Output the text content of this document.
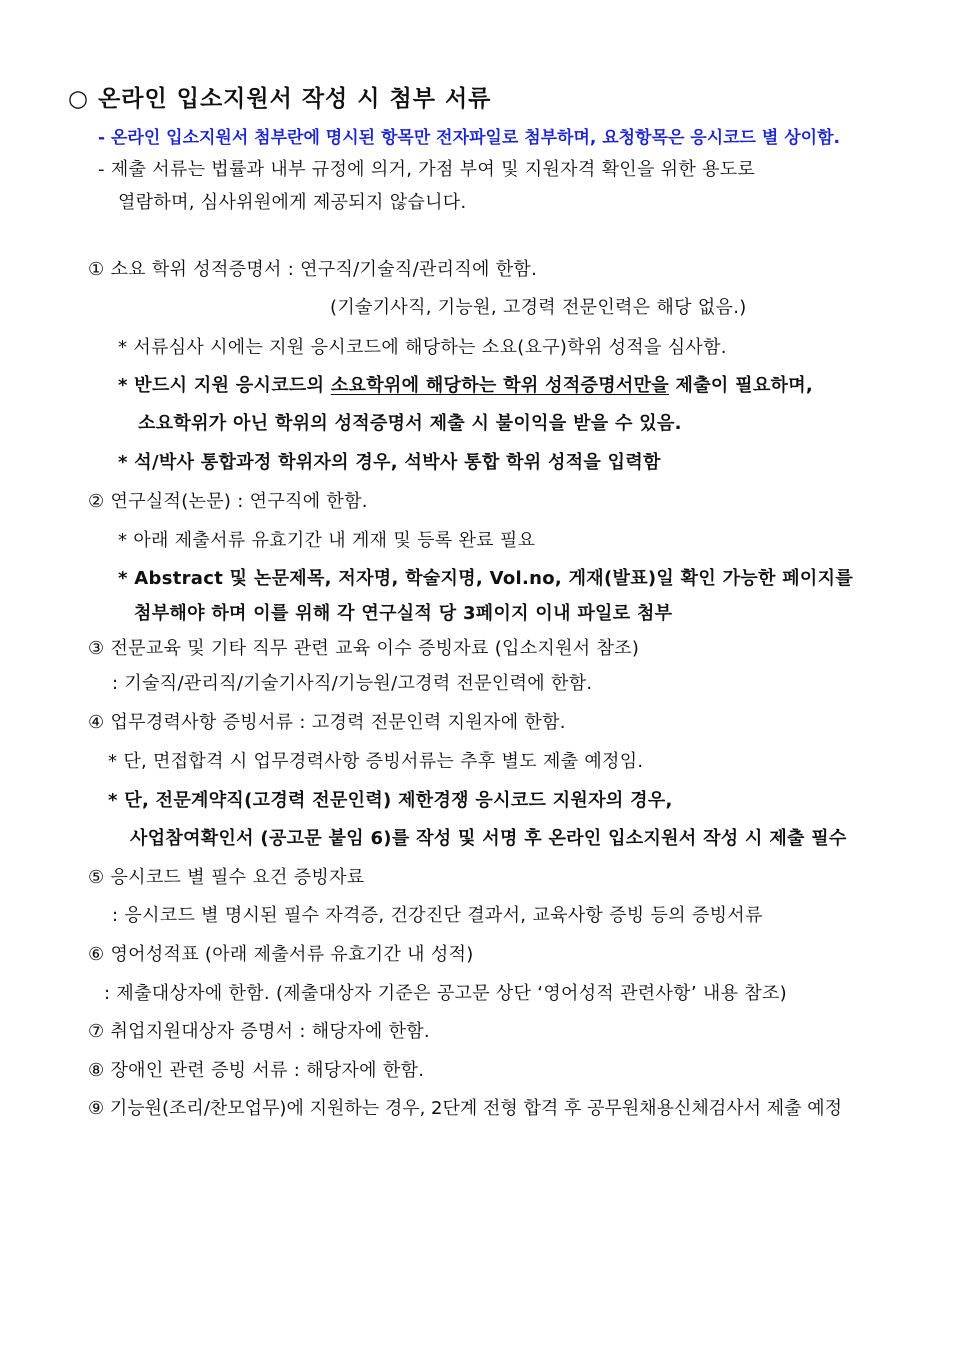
○ 온라인 입소지원서 작성 시 첨부 서류
- 온라인 입소지원서 첨부란에 명시된 항목만 전자파일로 첨부하며, 요청항목은 응시코드 별 상이함.
- 제출 서류는 법률과 내부 규정에 의거, 가점 부여 및 지원자격 확인을 위한 용도로
열람하며, 심사위원에게 제공되지 않습니다.
① 소요 학위 성적증명서 : 연구직/기술직/관리직에 한함.
(기술기사직, 기능원, 고경력 전문인력은 해당 없음.)
* 서류심사 시에는 지원 응시코드에 해당하는 소요(요구)학위 성적을 심사함.
* 반드시 지원 응시코드의 소요학위에 해당하는 학위 성적증명서만을 제출이 필요하며,
소요학위가 아닌 학위의 성적증명서 제출 시 불이익을 받을 수 있음.
* 석/박사 통합과정 학위자의 경우, 석박사 통합 학위 성적을 입력함
② 연구실적(논문) : 연구직에 한함.
* 아래 제출서류 유효기간 내 게재 및 등록 완료 필요
* Abstract 및 논문제목, 저자명, 학술지명, Vol.no, 게재(발표)일 확인 가능한 페이지를
첨부해야 하며 이를 위해 각 연구실적 당 3페이지 이내 파일로 첨부
③ 전문교육 및 기타 직무 관련 교육 이수 증빙자료 (입소지원서 참조)
: 기술직/관리직/기술기사직/기능원/고경력 전문인력에 한함.
④ 업무경력사항 증빙서류 : 고경력 전문인력 지원자에 한함.
* 단, 면접합격 시 업무경력사항 증빙서류는 추후 별도 제출 예정임.
* 단, 전문계약직(고경력 전문인력) 제한경쟁 응시코드 지원자의 경우,
사업참여확인서 (공고문 붙임 6)를 작성 및 서명 후 온라인 입소지원서 작성 시 제출 필수
⑤ 응시코드 별 필수 요건 증빙자료
: 응시코드 별 명시된 필수 자격증, 건강진단 결과서, 교육사항 증빙 등의 증빙서류
⑥ 영어성적표 (아래 제출서류 유효기간 내 성적)
: 제출대상자에 한함. (제출대상자 기준은 공고문 상단 ‘영어성적 관련사항’ 내용 참조)
⑦ 취업지원대상자 증명서 : 해당자에 한함.
⑧ 장애인 관련 증빙 서류 : 해당자에 한함.
⑨ 기능원(조리/찬모업무)에 지원하는 경우, 2단계 전형 합격 후 공무원채용신체검사서 제출 예정
